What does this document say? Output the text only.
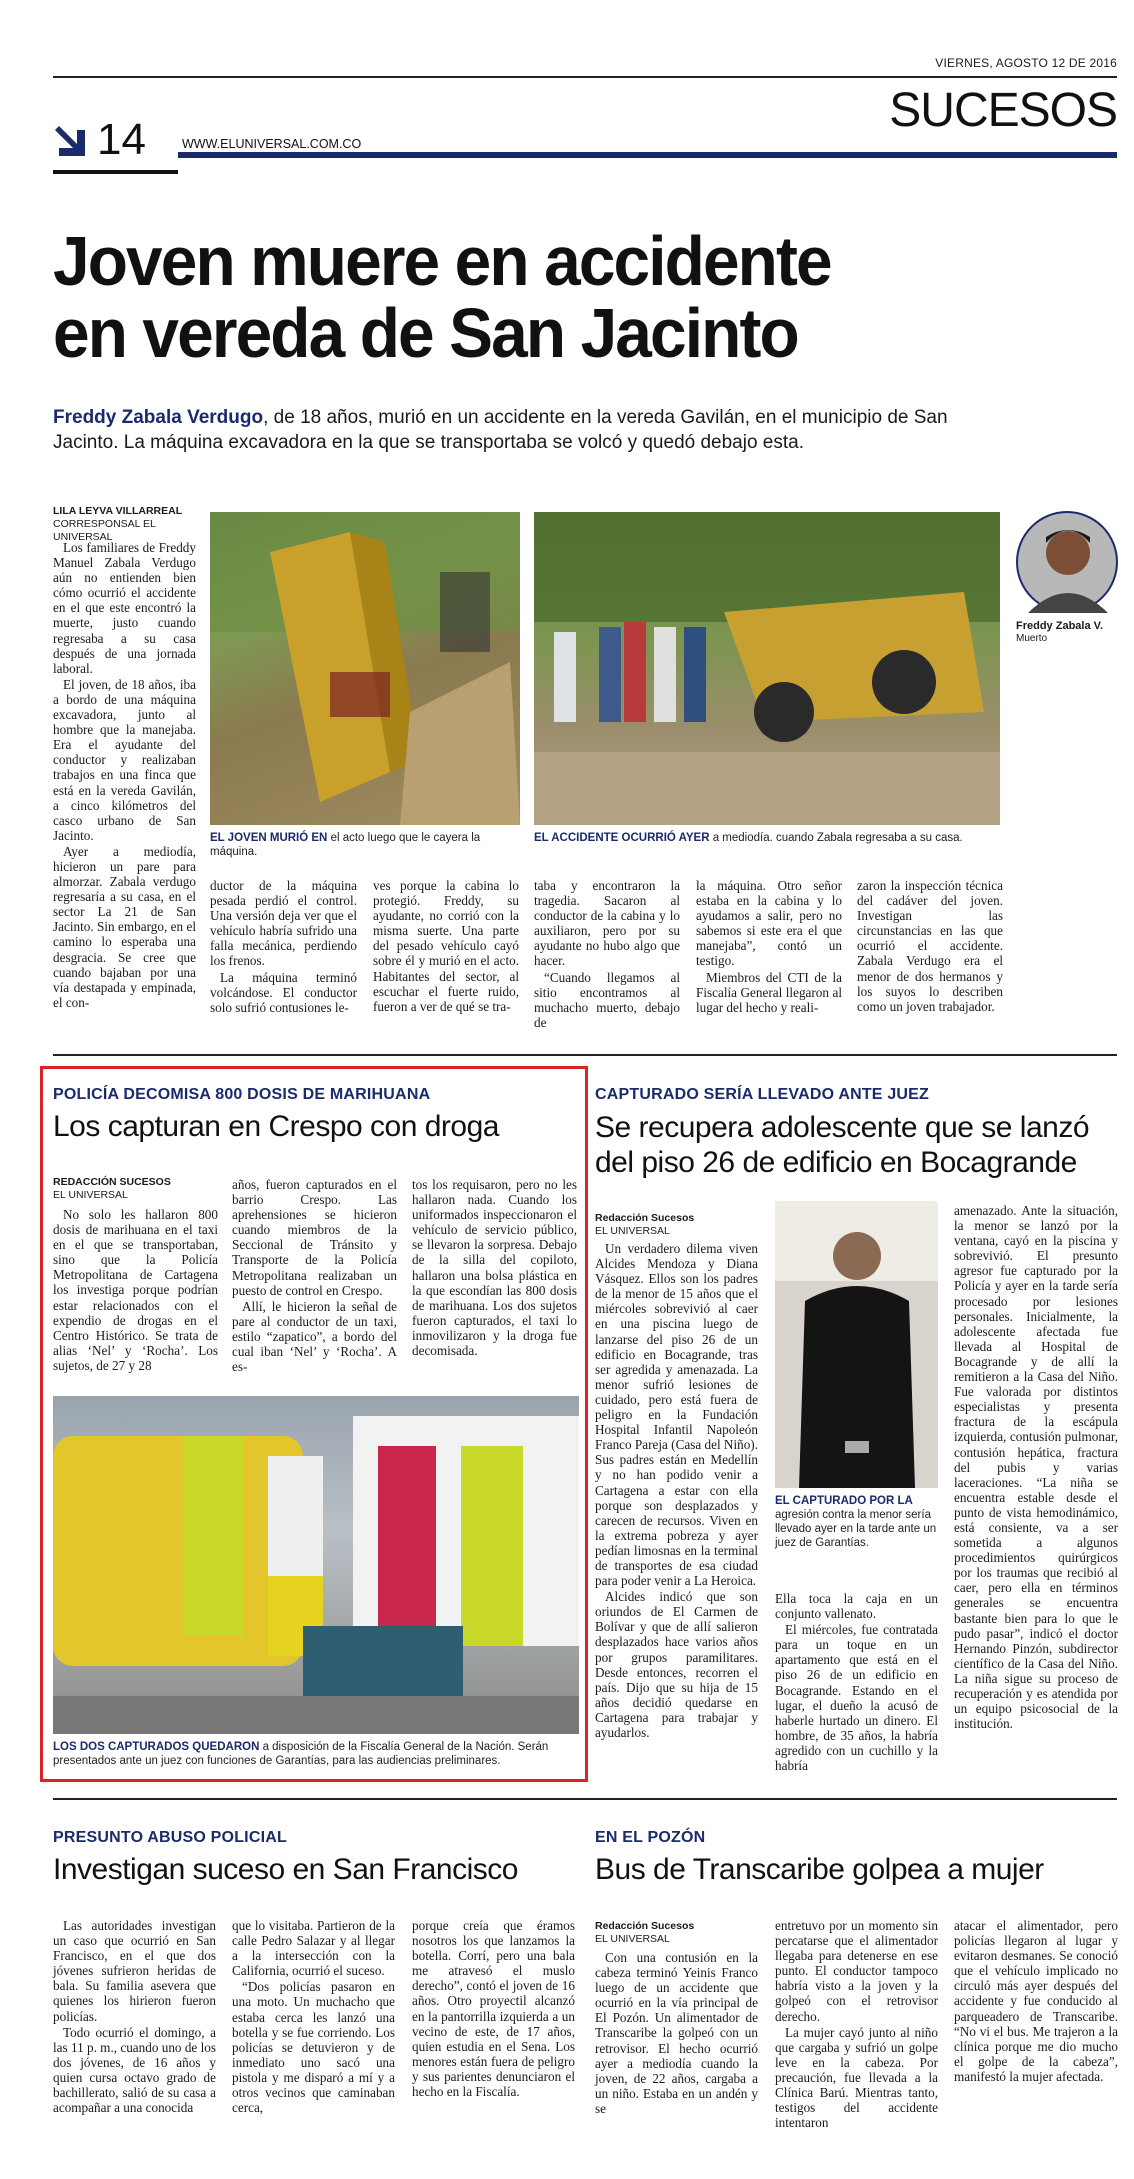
VIERNES, AGOSTO 12 DE 2016
SUCESOS
14	WWW.ELUNIVERSAL.COM.CO
Joven muere en accidente
en vereda de San Jacinto
Freddy Zabala Verdugo, de 18 años, murió en un accidente en la vereda Gavilán, en el municipio de San Jacinto. La máquina excavadora en la que se transportaba se volcó y quedó debajo esta.
LILA LEYVA VILLARREAL
CORRESPONSAL EL UNIVERSAL

Los familiares de Freddy Manuel Zabala Verdugo aún no entienden bien cómo ocurrió el accidente en el que este encontró la muerte, justo cuando regresaba a su casa después de una jornada laboral.

El joven, de 18 años, iba a bordo de una máquina excavadora, junto al hombre que la manejaba. Era el ayudante del conductor y realizaban trabajos en una finca que está en la vereda Gavilán, a cinco kilómetros del casco urbano de San Jacinto.

Ayer a mediodía, hicieron un pare para almorzar. Zabala verdugo regresaría a su casa, en el sector La 21 de San Jacinto. Sin embargo, en el camino lo esperaba una desgracia. Se cree que cuando bajaban por una vía destapada y empinada, el con-

EL JOVEN MURIÓ EN el acto luego que le cayera la máquina.
EL ACCIDENTE OCURRIÓ AYER a mediodía. cuando Zabala regresaba a su casa.
Freddy Zabala V.
Muerto

ductor de la máquina pesada perdió el control. Una versión deja ver que el vehículo habría sufrido una falla mecánica, perdiendo los frenos.

La máquina terminó volcándose. El conductor solo sufrió contusiones le-

ves porque la cabina lo protegió. Freddy, su ayudante, no corrió con la misma suerte. Una parte del pesado vehículo cayó sobre él y murió en el acto. Habitantes del sector, al escuchar el fuerte ruido, fueron a ver de qué se tra-

taba y encontraron la tragedia. Sacaron al conductor de la cabina y lo auxiliaron, pero por su ayudante no hubo algo que hacer.

“Cuando llegamos al sitio encontramos al muchacho muerto, debajo de

la máquina. Otro señor estaba en la cabina y lo ayudamos a salir, pero no sabemos si este era el que manejaba”, contó un testigo.

Miembros del CTI de la Fiscalía General llegaron al lugar del hecho y reali-

zaron la inspección técnica del cadáver del joven. Investigan las circunstancias en las que ocurrió el accidente. Zabala Verdugo era el menor de dos hermanos y los suyos lo describen como un joven trabajador.

POLICÍA DECOMISA 800 DOSIS DE MARIHUANA
Los capturan en Crespo con droga
REDACCIÓN SUCESOS
EL UNIVERSAL

No solo les hallaron 800 dosis de marihuana en el taxi en el que se transportaban, sino que la Policía Metropolitana de Cartagena los investiga porque podrían estar relacionados con el expendio de drogas en el Centro Histórico. Se trata de alias ‘Nel’ y ‘Rocha’. Los sujetos, de 27 y 28

años, fueron capturados en el barrio Crespo. Las aprehensiones se hicieron cuando miembros de la Seccional de Tránsito y Transporte de la Policía Metropolitana realizaban un puesto de control en Crespo.

Allí, le hicieron la señal de pare al conductor de un taxi, estilo “zapatico”, a bordo del cual iban ‘Nel’ y ‘Rocha’. A es-

tos los requisaron, pero no les hallaron nada. Cuando los uniformados inspeccionaron el vehículo de servicio público, se llevaron la sorpresa. Debajo de la silla del copiloto, hallaron una bolsa plástica en la que escondían las 800 dosis de marihuana. Los dos sujetos fueron capturados, el taxi lo inmovilizaron y la droga fue decomisada.

LOS DOS CAPTURADOS QUEDARON a disposición de la Fiscalía General de la Nación. Serán presentados ante un juez con funciones de Garantías, para las audiencias preliminares.
CAPTURADO SERÍA LLEVADO ANTE JUEZ
Se recupera adolescente que se lanzó
del piso 26 de edificio en Bocagrande
Redacción Sucesos
EL UNIVERSAL

Un verdadero dilema viven Alcides Mendoza y Diana Vásquez. Ellos son los padres de la menor de 15 años que el miércoles sobrevivió al caer en una piscina luego de lanzarse del piso 26 de un edificio en Bocagrande, tras ser agredida y amenazada. La menor sufrió lesiones de cuidado, pero está fuera de peligro en la Fundación Hospital Infantil Napoleón Franco Pareja (Casa del Niño). Sus padres están en Medellín y no han podido venir a Cartagena a estar con ella porque son desplazados y carecen de recursos. Viven en la extrema pobreza y ayer pedían limosnas en la terminal de transportes de esa ciudad para poder venir a La Heroica.

Alcides indicó que son oriundos de El Carmen de Bolívar y que de allí salieron desplazados hace varios años por grupos paramilitares. Desde entonces, recorren el país. Dijo que su hija de 15 años decidió quedarse en Cartagena para trabajar y ayudarlos.

EL CAPTURADO POR LA agresión contra la menor sería llevado ayer en la tarde ante un juez de Garantías.

Ella toca la caja en un conjunto vallenato.

El miércoles, fue contratada para un toque en un apartamento que está en el piso 26 de un edificio en Bocagrande. Estando en el lugar, el dueño la acusó de haberle hurtado un dinero. El hombre, de 35 años, la habría agredido con un cuchillo y la habría

amenazado. Ante la situación, la menor se lanzó por la ventana, cayó en la piscina y sobrevivió. El presunto agresor fue capturado por la Policía y ayer en la tarde sería procesado por lesiones personales. Inicialmente, la adolescente afectada fue llevada al Hospital de Bocagrande y de allí la remitieron a la Casa del Niño. Fue valorada por distintos especialistas y presenta fractura de la escápula izquierda, contusión pulmonar, contusión hepática, fractura del pubis y varias laceraciones. “La niña se encuentra estable desde el punto de vista hemodinámico, está consiente, va a ser sometida a algunos procedimientos quirúrgicos por los traumas que recibió al caer, pero ella en términos generales se encuentra bastante bien para lo que le pudo pasar”, indicó el doctor Hernando Pinzón, subdirector científico de la Casa del Niño. La niña sigue su proceso de recuperación y es atendida por un equipo psicosocial de la institución.

PRESUNTO ABUSO POLICIAL
Investigan suceso en San Francisco

Las autoridades investigan un caso que ocurrió en San Francisco, en el que dos jóvenes sufrieron heridas de bala. Su familia asevera que quienes los hirieron fueron policías.

Todo ocurrió el domingo, a las 11 p. m., cuando uno de los dos jóvenes, de 16 años y quien cursa octavo grado de bachillerato, salió de su casa a acompañar a una conocida

que lo visitaba. Partieron de la calle Pedro Salazar y al llegar a la intersección con la California, ocurrió el suceso.

“Dos policías pasaron en una moto. Un muchacho que estaba cerca les lanzó una botella y se fue corriendo. Los policías se detuvieron y de inmediato uno sacó una pistola y me disparó a mí y a otros vecinos que caminaban cerca,

porque creía que éramos nosotros los que lanzamos la botella. Corrí, pero una bala me atravesó el muslo derecho”, contó el joven de 16 años. Otro proyectil alcanzó en la pantorrilla izquierda a un vecino de este, de 17 años, quien estudia en el Sena. Los menores están fuera de peligro y sus parientes denunciaron el hecho en la Fiscalía.

EN EL POZÓN
Bus de Transcaribe golpea a mujer
Redacción Sucesos
EL UNIVERSAL

Con una contusión en la cabeza terminó Yeinis Franco luego de un accidente que ocurrió en la vía principal de El Pozón. Un alimentador de Transcaribe la golpeó con un retrovisor. El hecho ocurrió ayer a mediodía cuando la joven, de 22 años, cargaba a un niño. Estaba en un andén y se

entretuvo por un momento sin percatarse que el alimentador llegaba para detenerse en ese punto. El conductor tampoco habría visto a la joven y la golpeó con el retrovisor derecho.

La mujer cayó junto al niño que cargaba y sufrió un golpe leve en la cabeza. Por precaución, fue llevada a la Clínica Barú. Mientras tanto, testigos del accidente intentaron

atacar el alimentador, pero policías llegaron al lugar y evitaron desmanes. Se conoció que el vehículo implicado no circuló más ayer después del accidente y fue conducido al parqueadero de Transcaribe. “No vi el bus. Me trajeron a la clínica porque me dio mucho el golpe de la cabeza”, manifestó la mujer afectada.
